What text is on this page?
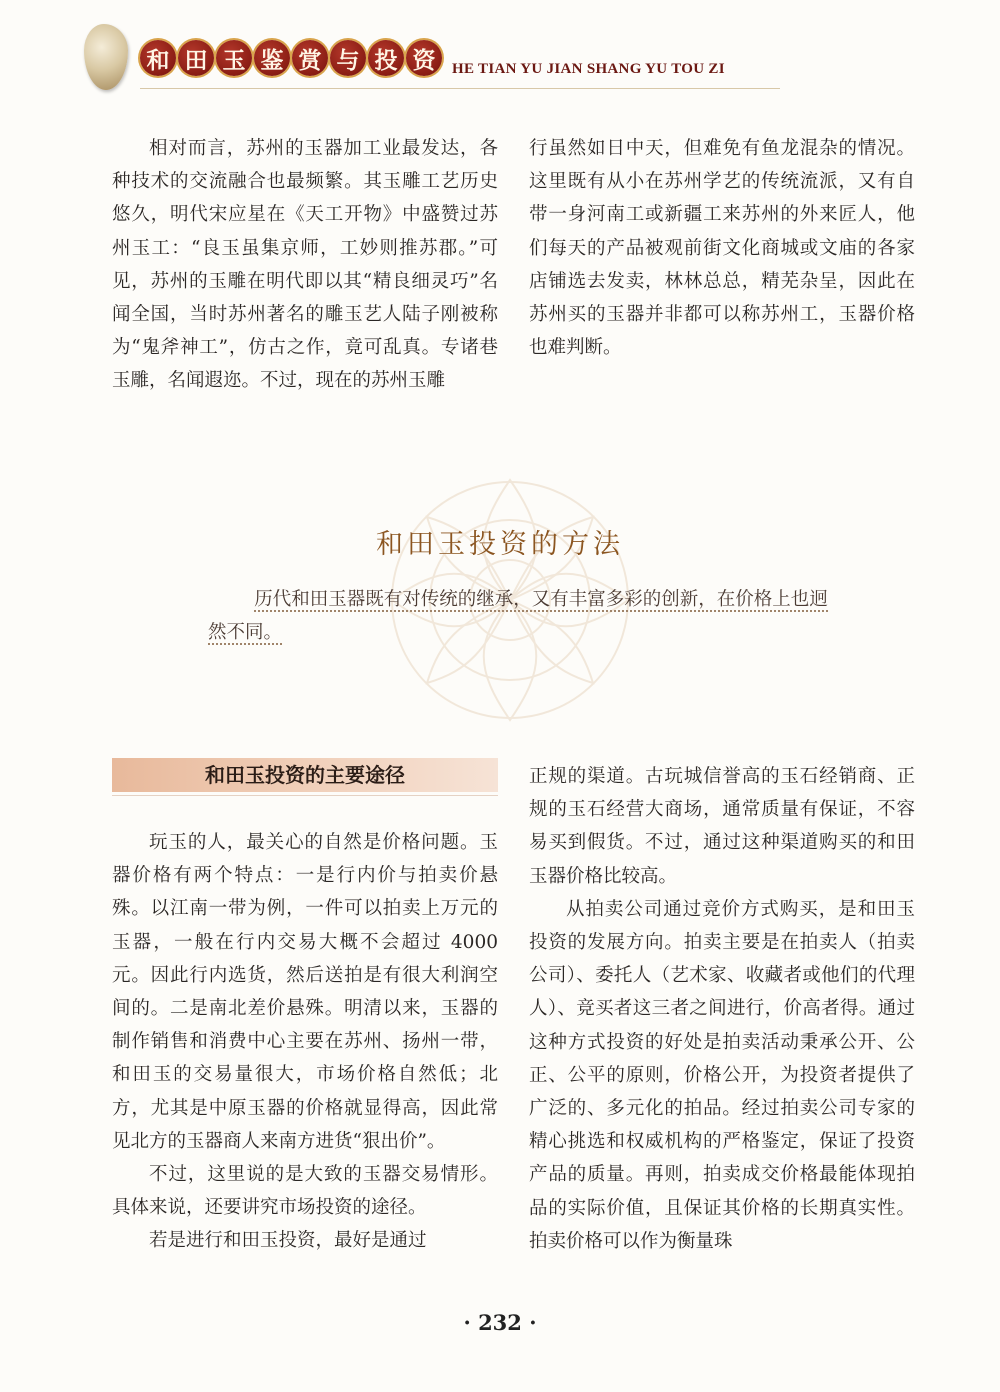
和 田 玉 鉴 赏 与 投 资	HE TIAN YU JIAN SHANG YU TOU ZI

相对而言，苏州的玉器加工业最发达，各种技术的交流融合也最频繁。其玉雕工艺历史悠久，明代宋应星在《天工开物》中盛赞过苏州玉工：“良玉虽集京师，工妙则推苏郡。”可见，苏州的玉雕在明代即以其“精良细灵巧”名闻全国，当时苏州著名的雕玉艺人陆子刚被称为“鬼斧神工”，仿古之作，竟可乱真。专诸巷玉雕，名闻遐迩。不过，现在的苏州玉雕

行虽然如日中天，但难免有鱼龙混杂的情况。这里既有从小在苏州学艺的传统流派，又有自带一身河南工或新疆工来苏州的外来匠人，他们每天的产品被观前街文化商城或文庙的各家店铺选去发卖，林林总总，精芜杂呈，因此在苏州买的玉器并非都可以称苏州工，玉器价格也难判断。

和田玉投资的方法

历代和田玉器既有对传统的继承，又有丰富多彩的创新，在价格上也迥然不同。

和田玉投资的主要途径

玩玉的人，最关心的自然是价格问题。玉器价格有两个特点：一是行内价与拍卖价悬殊。以江南一带为例，一件可以拍卖上万元的玉器，一般在行内交易大概不会超过 4000 元。因此行内选货，然后送拍是有很大利润空间的。二是南北差价悬殊。明清以来，玉器的制作销售和消费中心主要在苏州、扬州一带，和田玉的交易量很大，市场价格自然低；北方，尤其是中原玉器的价格就显得高，因此常见北方的玉器商人来南方进货“狠出价”。

不过，这里说的是大致的玉器交易情形。具体来说，还要讲究市场投资的途径。

若是进行和田玉投资，最好是通过

正规的渠道。古玩城信誉高的玉石经销商、正规的玉石经营大商场，通常质量有保证，不容易买到假货。不过，通过这种渠道购买的和田玉器价格比较高。

从拍卖公司通过竞价方式购买，是和田玉投资的发展方向。拍卖主要是在拍卖人（拍卖公司）、委托人（艺术家、收藏者或他们的代理人）、竞买者这三者之间进行，价高者得。通过这种方式投资的好处是拍卖活动秉承公开、公正、公平的原则，价格公开，为投资者提供了广泛的、多元化的拍品。经过拍卖公司专家的精心挑选和权威机构的严格鉴定，保证了投资产品的质量。再则，拍卖成交价格最能体现拍品的实际价值，且保证其价格的长期真实性。拍卖价格可以作为衡量珠

· 232 ·
